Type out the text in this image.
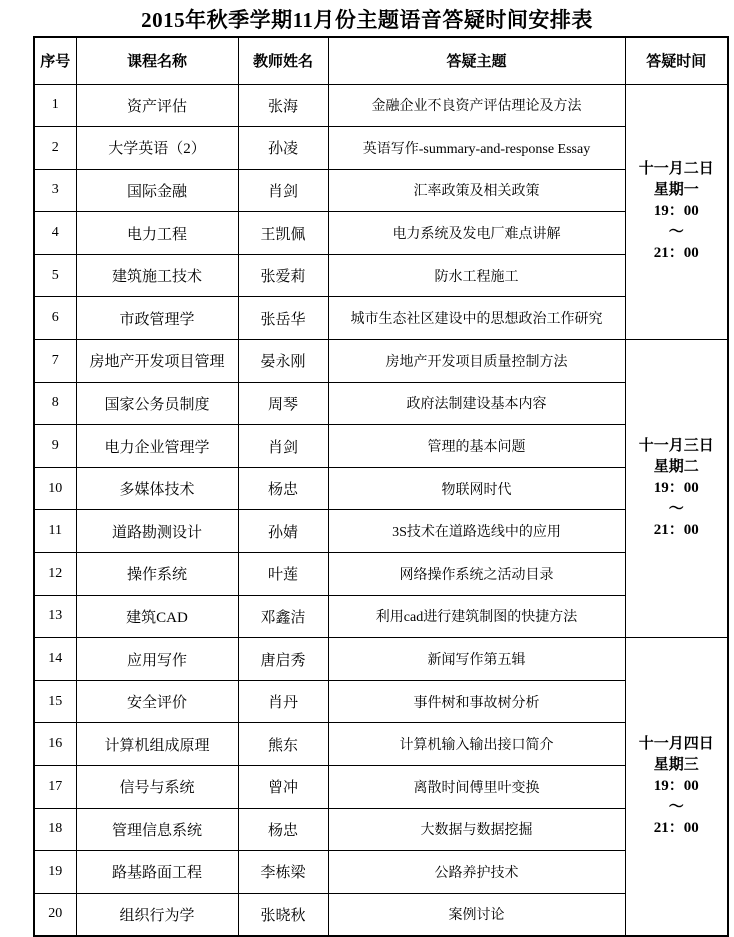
2015年秋季学期11月份主题语音答疑时间安排表
序号	课程名称	教师姓名	答疑主题	答疑时间
1	资产评估	张海	金融企业不良资产评估理论及方法	十一月二日
星期一
19：00
～
21：00

2	大学英语（2）	孙凌	英语写作-summary-and-response Essay	
3	国际金融	肖剑	汇率政策及相关政策	
4	电力工程	王凯佩	电力系统及发电厂难点讲解	
5	建筑施工技术	张爱莉	防水工程施工	
6	市政管理学	张岳华	城市生态社区建设中的思想政治工作研究	
7	房地产开发项目管理	晏永刚	房地产开发项目质量控制方法	十一月三日
星期二
19：00
～
21：00

8	国家公务员制度	周琴	政府法制建设基本内容	
9	电力企业管理学	肖剑	管理的基本问题	
10	多媒体技术	杨忠	物联网时代	
11	道路勘测设计	孙婧	3S技术在道路选线中的应用	
12	操作系统	叶莲	网络操作系统之活动目录	
13	建筑CAD	邓鑫洁	利用cad进行建筑制图的快捷方法	
14	应用写作	唐启秀	新闻写作第五辑	十一月四日
星期三
19：00
～
21：00

15	安全评价	肖丹	事件树和事故树分析	
16	计算机组成原理	熊东	计算机输入输出接口简介	
17	信号与系统	曾冲	离散时间傅里叶变换	
18	管理信息系统	杨忠	大数据与数据挖掘	
19	路基路面工程	李栋梁	公路养护技术	
20	组织行为学	张晓秋	案例讨论	
